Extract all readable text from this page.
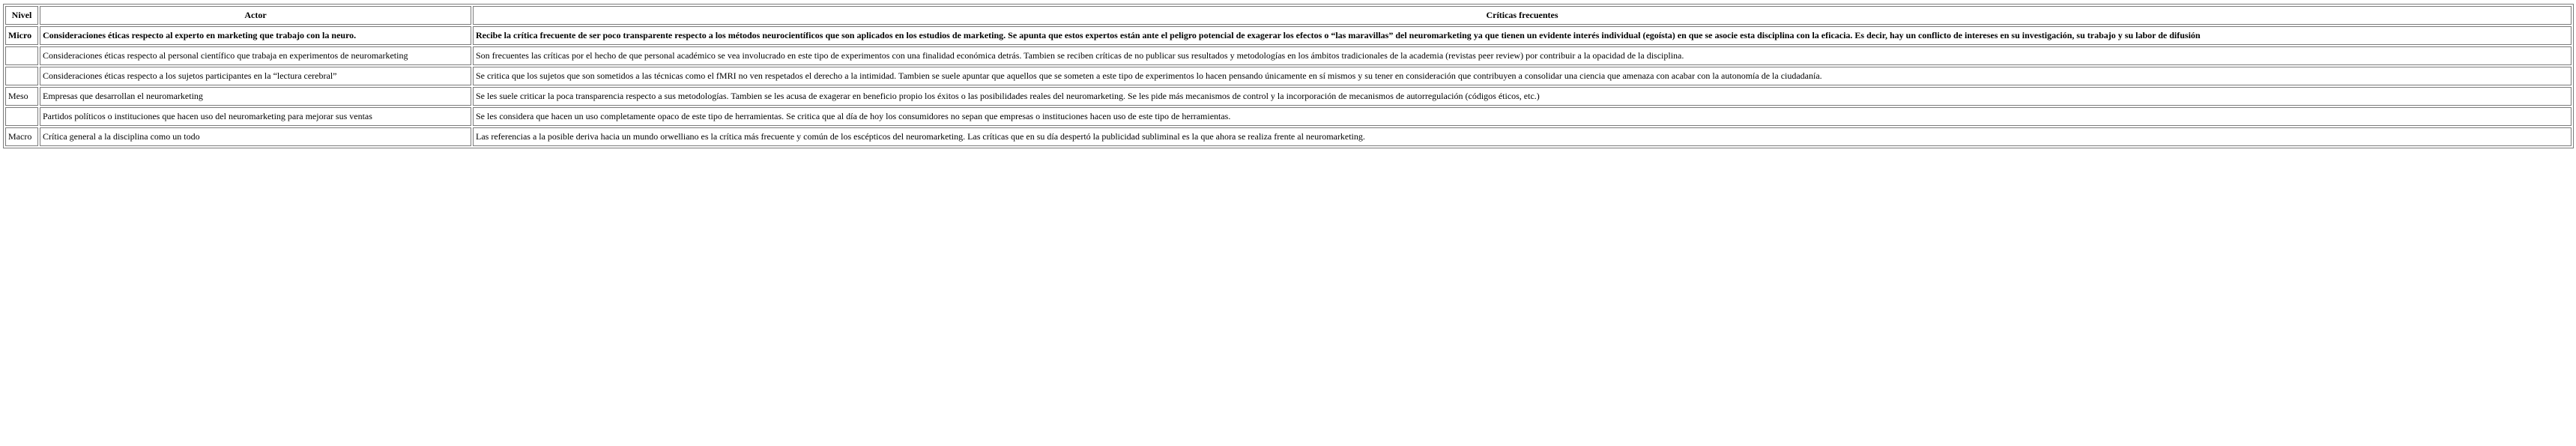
Nivel	Actor	Críticas frecuentes
Micro	Consideraciones éticas respecto al experto en marketing que trabajo con la neuro.	Recibe la crítica frecuente de ser poco transparente respecto a los métodos neurocientíficos que son aplicados en los estudios de marketing. Se apunta que estos expertos están ante el peligro potencial de exagerar los efectos o “las maravillas” del neuromarketing ya que tienen un evidente interés individual (egoísta) en que se asocie esta disciplina con la eficacia. Es decir, hay un conflicto de intereses en su investigación, su trabajo y su labor de difusión
	Consideraciones éticas respecto al personal científico que trabaja en experimentos de neuromarketing	Son frecuentes las críticas por el hecho de que personal académico se vea involucrado en este tipo de experimentos con una finalidad económica detrás. Tambien se reciben críticas de no publicar sus resultados y metodologías en los ámbitos tradicionales de la academia (revistas peer review) por contribuir a la opacidad de la disciplina.
	Consideraciones éticas respecto a los sujetos participantes en la “lectura cerebral”	Se critica que los sujetos que son sometidos a las técnicas como el fMRI no ven respetados el derecho a la intimidad. Tambien se suele apuntar que aquellos que se someten a este tipo de experimentos lo hacen pensando únicamente en sí mismos y su tener en consideración que contribuyen a consolidar una ciencia que amenaza con acabar con la autonomía de la ciudadanía.
Meso	Empresas que desarrollan el neuromarketing	Se les suele criticar la poca transparencia respecto a sus metodologías. Tambien se les acusa de exagerar en beneficio propio los éxitos o las posibilidades reales del neuromarketing. Se les pide más mecanismos de control y la incorporación de mecanismos de autorregulación (códigos éticos, etc.)
	Partidos políticos o instituciones que hacen uso del neuromarketing para mejorar sus ventas	Se les considera que hacen un uso completamente opaco de este tipo de herramientas. Se critica que al día de hoy los consumidores no sepan que empresas o instituciones hacen uso de este tipo de herramientas.
Macro	Crítica general a la disciplina como un todo	Las referencias a la posible deriva hacia un mundo orwelliano es la crítica más frecuente y común de los escépticos del neuromarketing. Las críticas que en su día despertó la publicidad subliminal es la que ahora se realiza frente al neuromarketing.
